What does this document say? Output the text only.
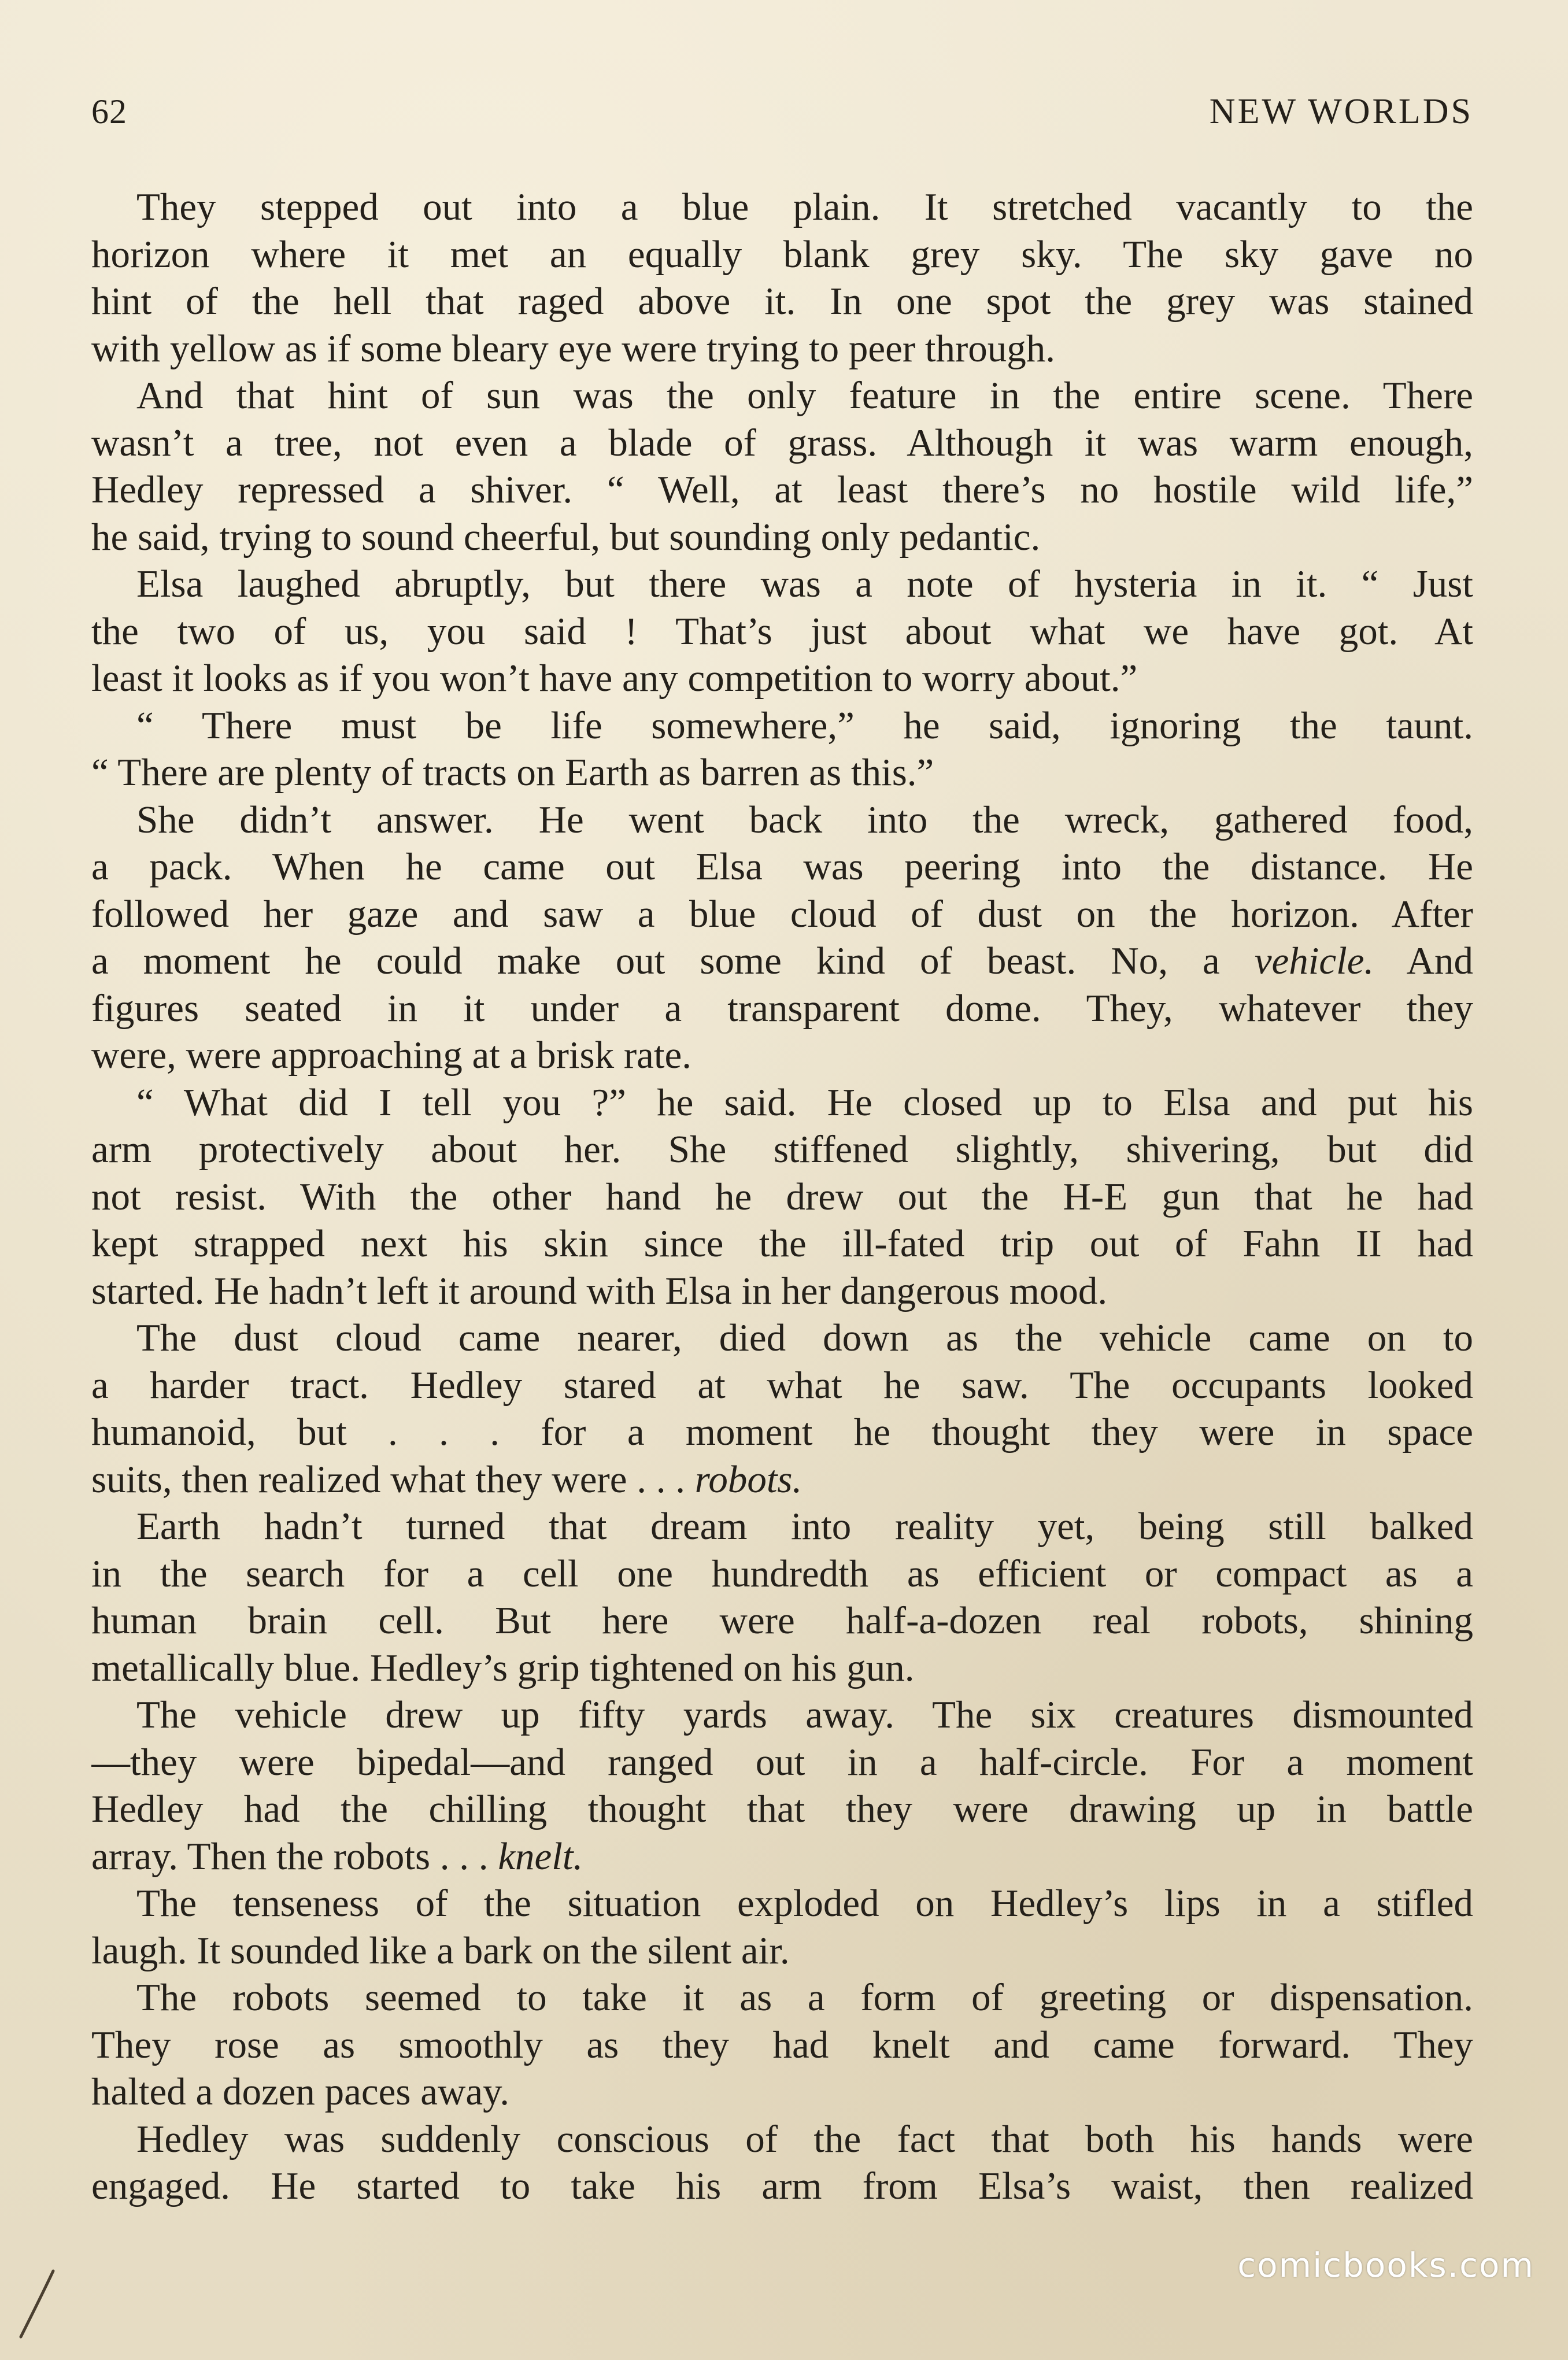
62	NEW WORLDS
They stepped out into a blue plain. It stretched vacantly to the
horizon where it met an equally blank grey sky. The sky gave no
hint of the hell that raged above it. In one spot the grey was stained
with yellow as if some bleary eye were trying to peer through.
And that hint of sun was the only feature in the entire scene. There
wasn’t a tree, not even a blade of grass. Although it was warm enough,
Hedley repressed a shiver. “ Well, at least there’s no hostile wild life,”
he said, trying to sound cheerful, but sounding only pedantic.
Elsa laughed abruptly, but there was a note of hysteria in it. “ Just
the two of us, you said ! That’s just about what we have got. At
least it looks as if you won’t have any competition to worry about.”
“ There must be life somewhere,” he said, ignoring the taunt.
“ There are plenty of tracts on Earth as barren as this.”
She didn’t answer. He went back into the wreck, gathered food,
a pack. When he came out Elsa was peering into the distance. He
followed her gaze and saw a blue cloud of dust on the horizon. After
a moment he could make out some kind of beast. No, a vehicle. And
figures seated in it under a transparent dome. They, whatever they
were, were approaching at a brisk rate.
“ What did I tell you ?” he said. He closed up to Elsa and put his
arm protectively about her. She stiffened slightly, shivering, but did
not resist. With the other hand he drew out the H-E gun that he had
kept strapped next his skin since the ill-fated trip out of Fahn II had
started. He hadn’t left it around with Elsa in her dangerous mood.
The dust cloud came nearer, died down as the vehicle came on to
a harder tract. Hedley stared at what he saw. The occupants looked
humanoid, but . . . for a moment he thought they were in space
suits, then realized what they were . . . robots.
Earth hadn’t turned that dream into reality yet, being still balked
in the search for a cell one hundredth as efficient or compact as a
human brain cell. But here were half-a-dozen real robots, shining
metallically blue. Hedley’s grip tightened on his gun.
The vehicle drew up fifty yards away. The six creatures dismounted
—they were bipedal—and ranged out in a half-circle. For a moment
Hedley had the chilling thought that they were drawing up in battle
array. Then the robots . . . knelt.
The tenseness of the situation exploded on Hedley’s lips in a stifled
laugh. It sounded like a bark on the silent air.
The robots seemed to take it as a form of greeting or dispensation.
They rose as smoothly as they had knelt and came forward. They
halted a dozen paces away.
Hedley was suddenly conscious of the fact that both his hands were
engaged. He started to take his arm from Elsa’s waist, then realized
comicbooks.com
